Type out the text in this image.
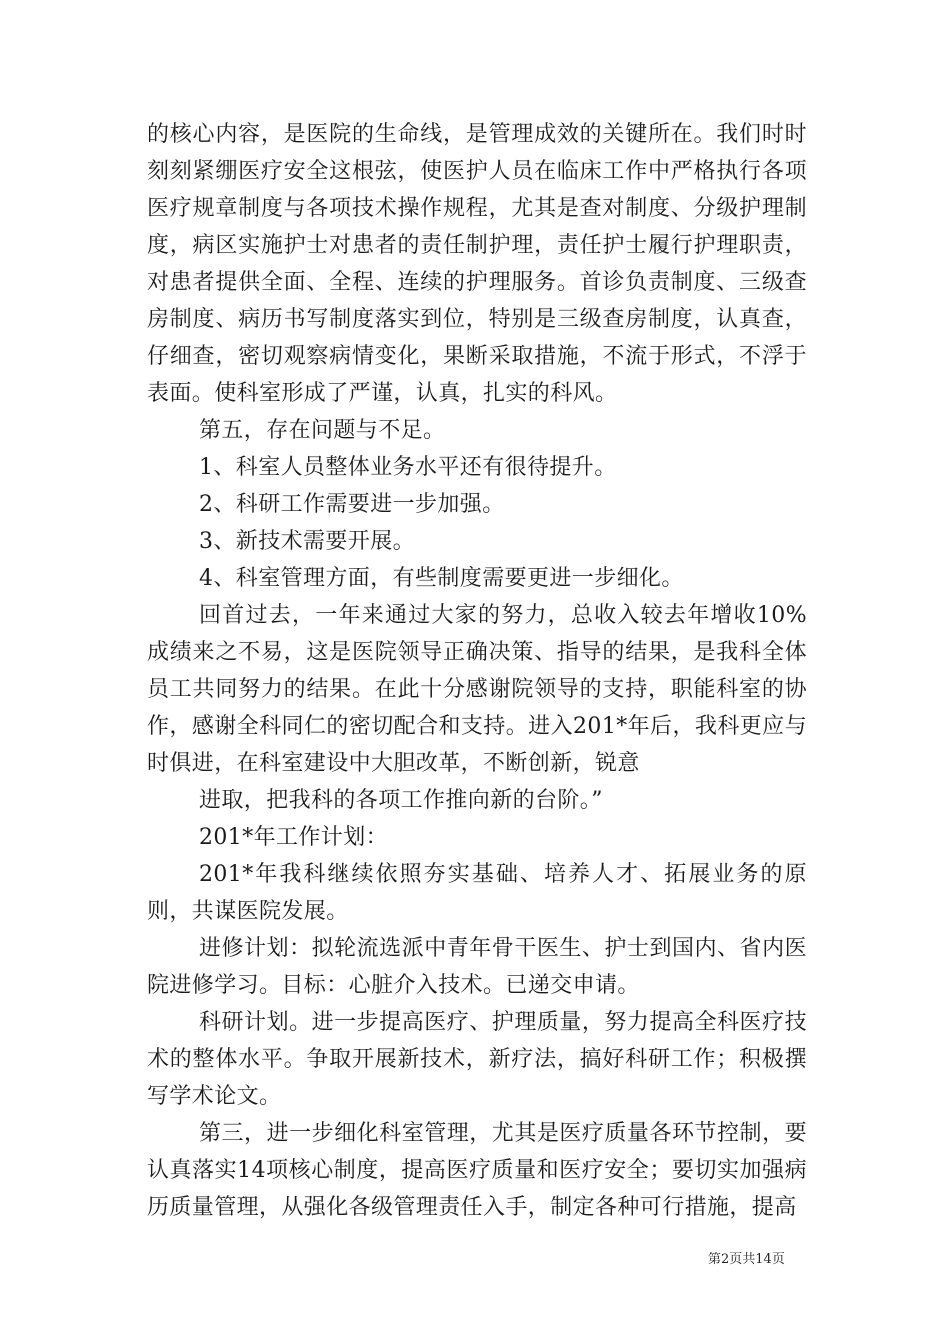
的核心内容，是医院的生命线，是管理成效的关键所在。我们时时刻刻紧绷医疗安全这根弦，使医护人员在临床工作中严格执行各项医疗规章制度与各项技术操作规程，尤其是查对制度、分级护理制度，病区实施护士对患者的责任制护理，责任护士履行护理职责，对患者提供全面、全程、连续的护理服务。首诊负责制度、三级查房制度、病历书写制度落实到位，特别是三级查房制度，认真查，仔细查，密切观察病情变化，果断采取措施，不流于形式，不浮于表面。使科室形成了严谨，认真，扎实的科风。

第五，存在问题与不足。

1、科室人员整体业务水平还有很待提升。

2、科研工作需要进一步加强。

3、新技术需要开展。

4、科室管理方面，有些制度需要更进一步细化。

回首过去，一年来通过大家的努力，总收入较去年增收10%成绩来之不易，这是医院领导正确决策、指导的结果，是我科全体员工共同努力的结果。在此十分感谢院领导的支持，职能科室的协作，感谢全科同仁的密切配合和支持。进入201*年后，我科更应与时俱进，在科室建设中大胆改革，不断创新，锐意

进取，把我科的各项工作推向新的台阶。”

201*年工作计划：

201*年我科继续依照夯实基础、培养人才、拓展业务的原则，共谋医院发展。

进修计划：拟轮流选派中青年骨干医生、护士到国内、省内医院进修学习。目标：心脏介入技术。已递交申请。

科研计划。进一步提高医疗、护理质量，努力提高全科医疗技术的整体水平。争取开展新技术，新疗法，搞好科研工作；积极撰写学术论文。

第三，进一步细化科室管理，尤其是医疗质量各环节控制，要认真落实14项核心制度，提高医疗质量和医疗安全；要切实加强病历质量管理，从强化各级管理责任入手，制定各种可行措施，提高

第2页共14页
